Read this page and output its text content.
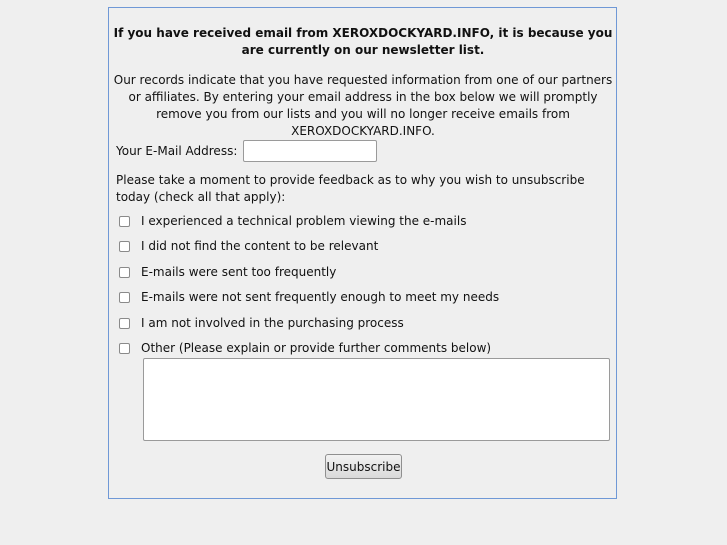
If you have received email from XEROXDOCKYARD.INFO, it is because you are currently on our newsletter list.
Our records indicate that you have requested information from one of our partners or affiliates. By entering your email address in the box below we will promptly remove you from our lists and you will no longer receive emails from XEROXDOCKYARD.INFO.
Your E-Mail Address:
Please take a moment to provide feedback as to why you wish to unsubscribe today (check all that apply):
I experienced a technical problem viewing the e-mails
I did not find the content to be relevant
E-mails were sent too frequently
E-mails were not sent frequently enough to meet my needs
I am not involved in the purchasing process
Other (Please explain or provide further comments below)
Unsubscribe
